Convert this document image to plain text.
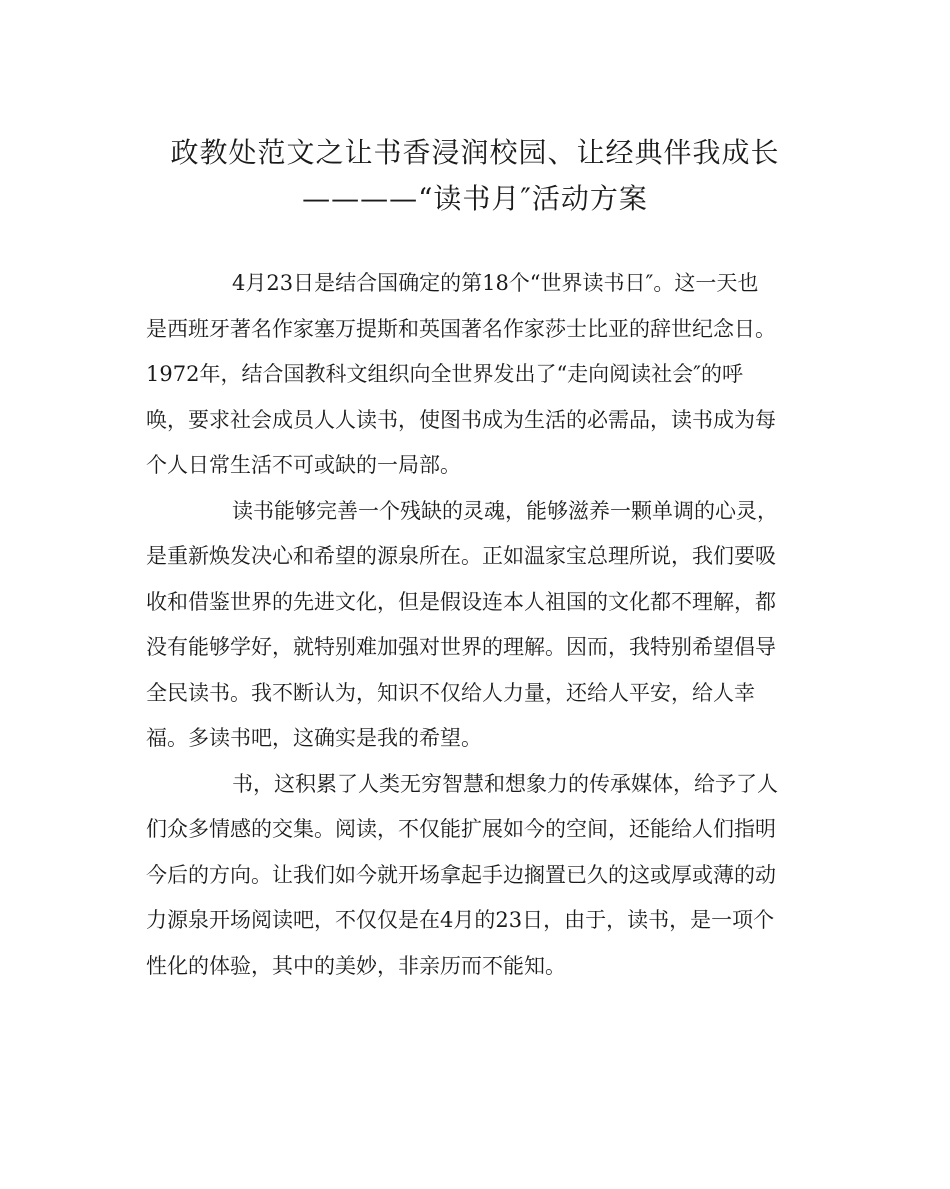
政教处范文之让书香浸润校园、让经典伴我成长
————“读书月″活动方案
4月23日是结合国确定的第18个“世界读书日″。这一天也
是西班牙著名作家塞万提斯和英国著名作家莎士比亚的辞世纪念日。
1972年，结合国教科文组织向全世界发出了“走向阅读社会″的呼
唤，要求社会成员人人读书，使图书成为生活的必需品，读书成为每
个人日常生活不可或缺的一局部。
读书能够完善一个残缺的灵魂，能够滋养一颗单调的心灵，
是重新焕发决心和希望的源泉所在。正如温家宝总理所说，我们要吸
收和借鉴世界的先进文化，但是假设连本人祖国的文化都不理解，都
没有能够学好，就特别难加强对世界的理解。因而，我特别希望倡导
全民读书。我不断认为，知识不仅给人力量，还给人平安，给人幸
福。多读书吧，这确实是我的希望。
书，这积累了人类无穷智慧和想象力的传承媒体，给予了人
们众多情感的交集。阅读，不仅能扩展如今的空间，还能给人们指明
今后的方向。让我们如今就开场拿起手边搁置已久的这或厚或薄的动
力源泉开场阅读吧，不仅仅是在4月的23日，由于，读书，是一项个
性化的体验，其中的美妙，非亲历而不能知。
